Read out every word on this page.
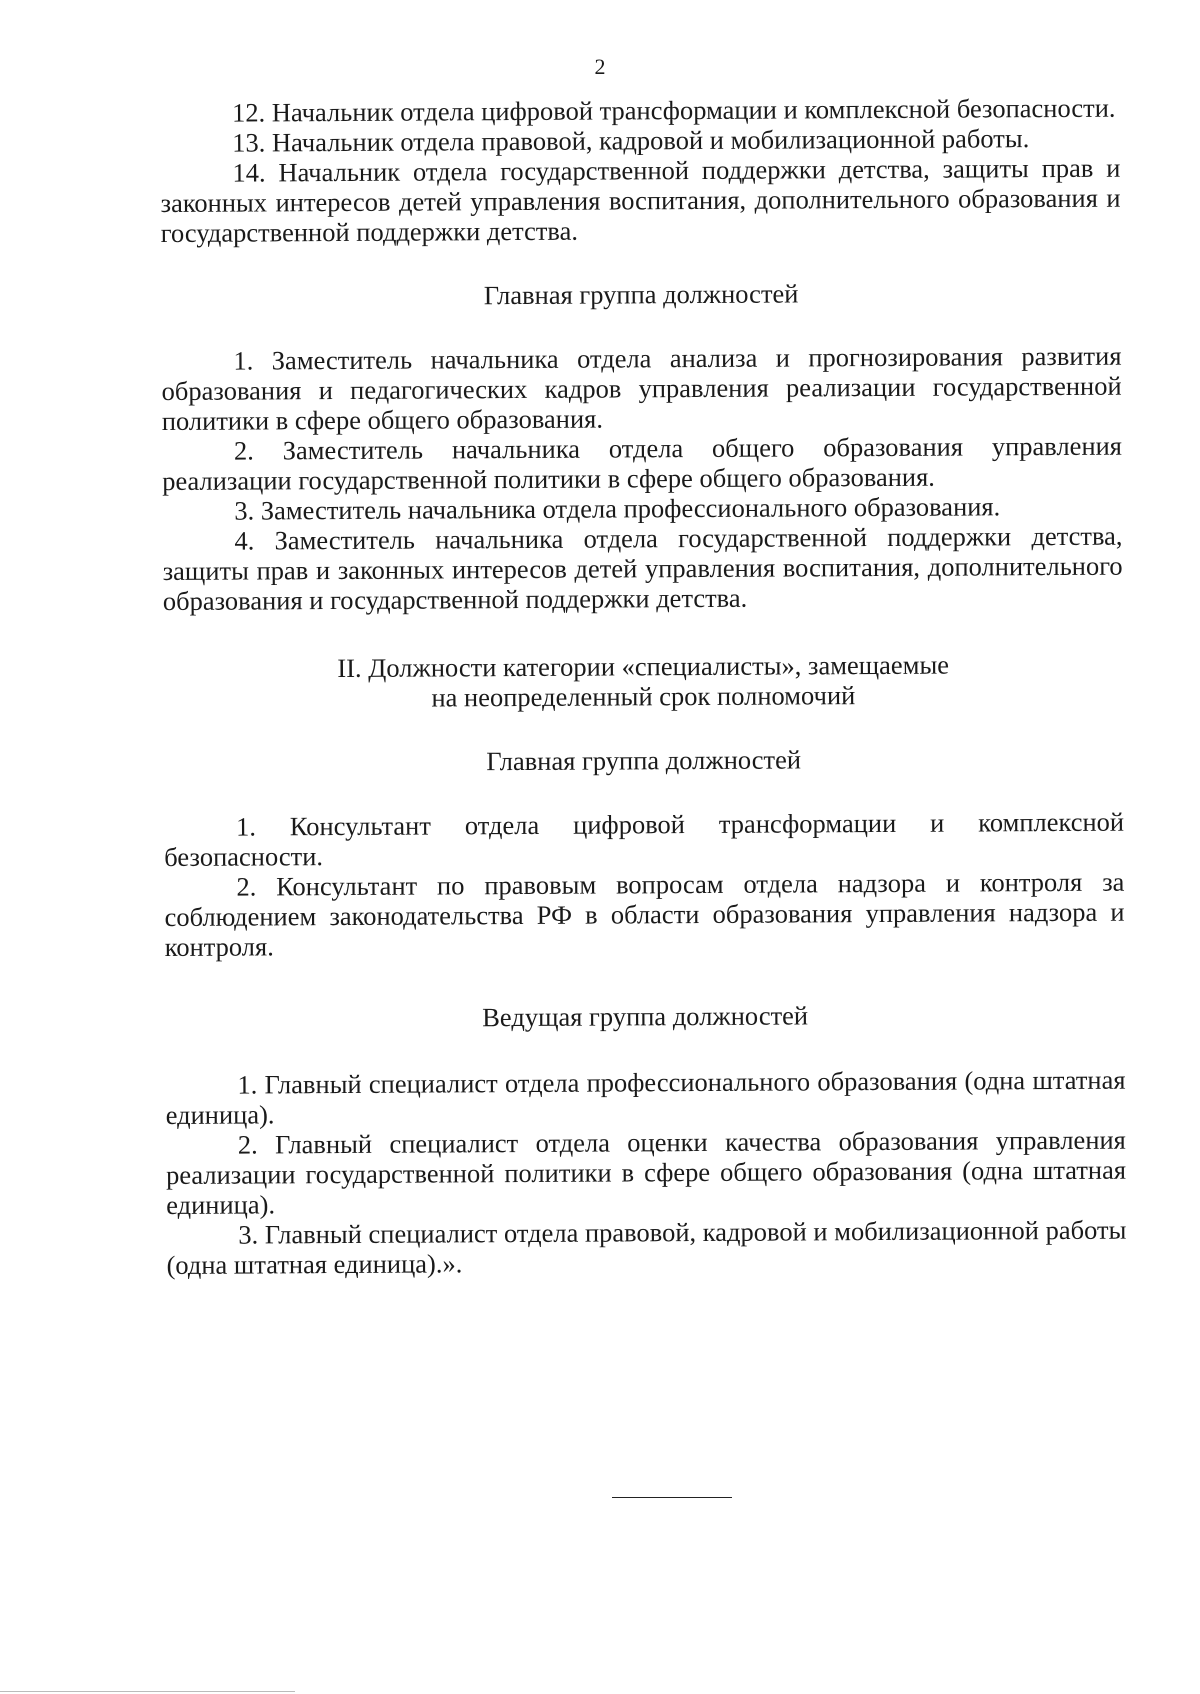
2

12. Начальник отдела цифровой трансформации и комплексной безопасности.

13. Начальник отдела правовой, кадровой и мобилизационной работы.

14. Начальник отдела государственной поддержки детства, защиты прав и законных интересов детей управления воспитания, дополнительного образования и государственной поддержки детства.

Главная группа должностей

1. Заместитель начальника отдела анализа и прогнозирования развития образования и педагогических кадров управления реализации государственной политики в сфере общего образования.

2. Заместитель начальника отдела общего образования управления реализации государственной политики в сфере общего образования.

3. Заместитель начальника отдела профессионального образования.

4. Заместитель начальника отдела государственной поддержки детства, защиты прав и законных интересов детей управления воспитания, дополнительного образования и государственной поддержки детства.

II. Должности категории «специалисты», замещаемые
на неопределенный срок полномочий

Главная группа должностей

1. Консультант отдела цифровой трансформации и комплексной безопасности.

2. Консультант по правовым вопросам отдела надзора и контроля за соблюдением законодательства РФ в области образования управления надзора и контроля.

Ведущая группа должностей

1. Главный специалист отдела профессионального образования (одна штатная единица).

2. Главный специалист отдела оценки качества образования управления реализации государственной политики в сфере общего образования (одна штатная единица).

3. Главный специалист отдела правовой, кадровой и мобилизационной работы (одна штатная единица).».
